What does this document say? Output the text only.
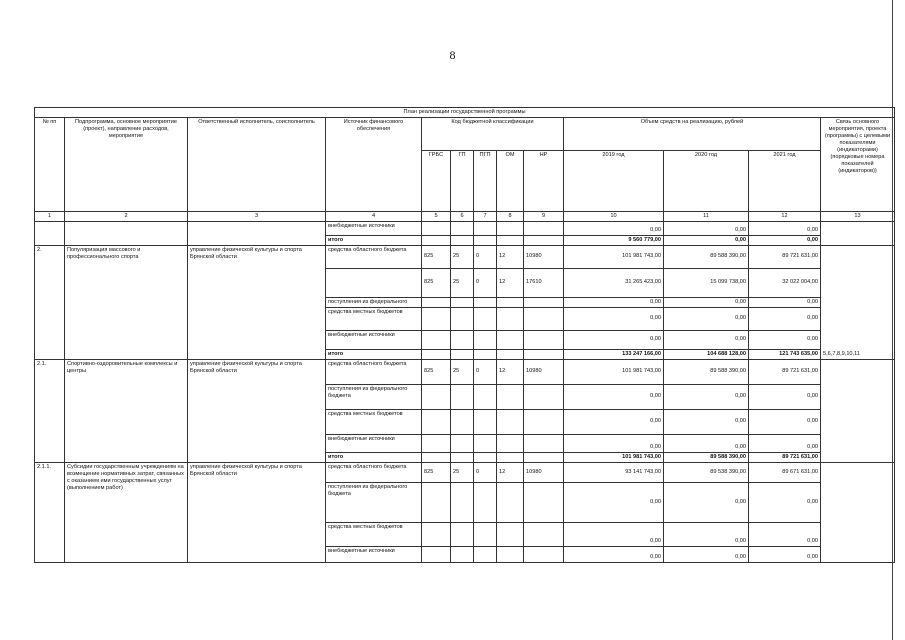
8
План реализации государственной программы												
№ пп	Подпрограмма, основное мероприятие (проект), направление расходов, мероприятие	Ответственный исполнитель, соисполнитель	Источник финансового обеспечения	Код бюджетной классификации					Объем средств на реализацию, рублей			Связь основного мероприятия, проекта (программы) с целевыми показателями (индикаторами) (порядковые номера показателей (индикаторов))
				ГРБС	ГП	ПГП	ОМ	НР	2019 год	2020 год	2021 год	
1	2	3	4	5	6	7	8	9	10	11	12	13
			внебюджетные источники						0,00	0,00	0,00	
			итого						9 560 779,00	0,00	0,00	
2.	Популяризация массового и профессионального спорта	управление физической культуры и спорта Брянской области	средства областного бюджета	825	25	0	12	10980	101 981 743,00	89 588 390,00	89 721 631,00	5,6,7,8,9,10,11
				825	25	0	12	17610	31 265 423,00	15 099 738,00	32 022 004,00	
			поступления из федерального						0,00	0,00	0,00	
			средства местных бюджетов						0,00	0,00	0,00	
			внебюджетные источники						0,00	0,00	0,00	
			итого						133 247 166,00	104 688 128,00	121 743 635,00	
2.1.	Спортивно-оздоровительные комплексы и центры	управление физической культуры и спорта Брянской области	средства областного бюджета	825	25	0	12	10980	101 981 743,00	89 588 390,00	89 721 631,00	
			поступления из федерального бюджета						0,00	0,00	0,00	
			средства местных бюджетов						0,00	0,00	0,00	
			внебюджетные источники						0,00	0,00	0,00	
			итого						101 981 743,00	89 588 390,00	89 721 631,00	
2.1.1.	Субсидии государственным учреждениям на возмещение нормативных затрат, связанных с оказанием ими государственных услуг (выполнением работ)	управление физической культуры и спорта Брянской области	средства областного бюджета	825	25	0	12	10980	93 141 743,00	89 538 390,00	89 671 631,00	
			поступления из федерального бюджета						0,00	0,00	0,00	
			средства местных бюджетов						0,00	0,00	0,00	
			внебюджетные источники						0,00	0,00	0,00	
